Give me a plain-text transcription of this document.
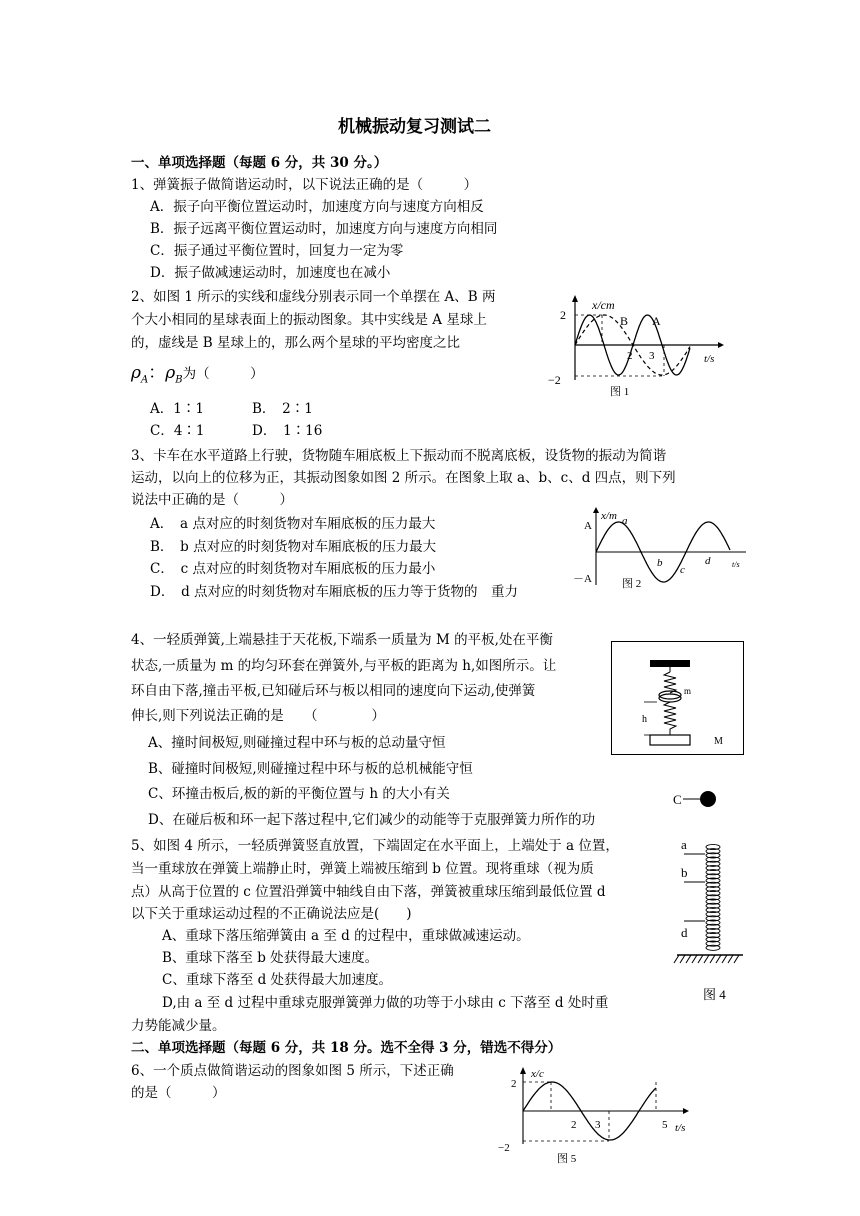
机械振动复习测试二
一、单项选择题（每题 6 分，共 30 分。）
1、弹簧振子做简谐运动时，以下说法正确的是（　　　）
A．振子向平衡位置运动时，加速度方向与速度方向相反
B．振子远离平衡位置运动时，加速度方向与速度方向相同
C．振子通过平衡位置时，回复力一定为零
D．振子做减速运动时，加速度也在减小
2、如图 1 所示的实线和虚线分别表示同一个单摆在 A、B 两
个大小相同的星球表面上的振动图象。其中实线是 A 星球上
的，虚线是 B 星球上的，那么两个星球的平均密度之比
$\rho_A$：$\rho_B$为（　　　）
A．1∶1	B．　2∶1
C．4∶1	D．　1∶16
x/cm
2
−2
B A
2 3	t/s
图 1
3、卡车在水平道路上行驶，货物随车厢底板上下振动而不脱离底板，设货物的振动为简谐
运动，以向上的位移为正，其振动图象如图 2 所示。在图象上取 a、b、c、d 四点，则下列
说法中正确的是（　　　）
A．　a 点对应的时刻货物对车厢底板的压力最大
B．　b 点对应的时刻货物对车厢底板的压力最大
C．　c 点对应的时刻货物对车厢底板的压力最小
D．　d 点对应的时刻货物对车厢底板的压力等于货物的　重力
A
x/m a
b
c
d
－A
t/s
图 2
4、一轻质弹簧,上端悬挂于天花板,下端系一质量为 M 的平板,处在平衡
状态,一质量为 m 的均匀环套在弹簧外,与平板的距离为 h,如图所示。让
环自由下落,撞击平板,已知碰后环与板以相同的速度向下运动,使弹簧
伸长,则下列说法正确的是　　（　　　　）
A、撞时间极短,则碰撞过程中环与板的总动量守恒
B、碰撞时间极短,则碰撞过程中环与板的总机械能守恒
C、环撞击板后,板的新的平衡位置与 h 的大小有关
D、在碰后板和环一起下落过程中,它们减少的动能等于克服弹簧力所作的功
m
h
M
5、如图 4 所示，一轻质弹簧竖直放置，下端固定在水平面上，上端处于 a 位置，
当一重球放在弹簧上端静止时，弹簧上端被压缩到 b 位置。现将重球（视为质
点）从高于位置的 c 位置沿弹簧中轴线自由下落，弹簧被重球压缩到最低位置 d
以下关于重球运动过程的不正确说法应是(　　)
A、重球下落压缩弹簧由 a 至 d 的过程中，重球做减速运动。
B、重球下落至 b 处获得最大速度。
C、重球下落至 d 处获得最大加速度。
D,由 a 至 d 过程中重球克服弹簧弹力做的功等于小球由 c 下落至 d 处时重
力势能减少量。
C
a
b
d
图 4
二、单项选择题（每题 6 分，共 18 分。选不全得 3 分，错选不得分）
6、一个质点做简谐运动的图象如图 5 所示，下述正确
的是（　　　）
x/c
2
−2
2 3	5 t/s
图 5
